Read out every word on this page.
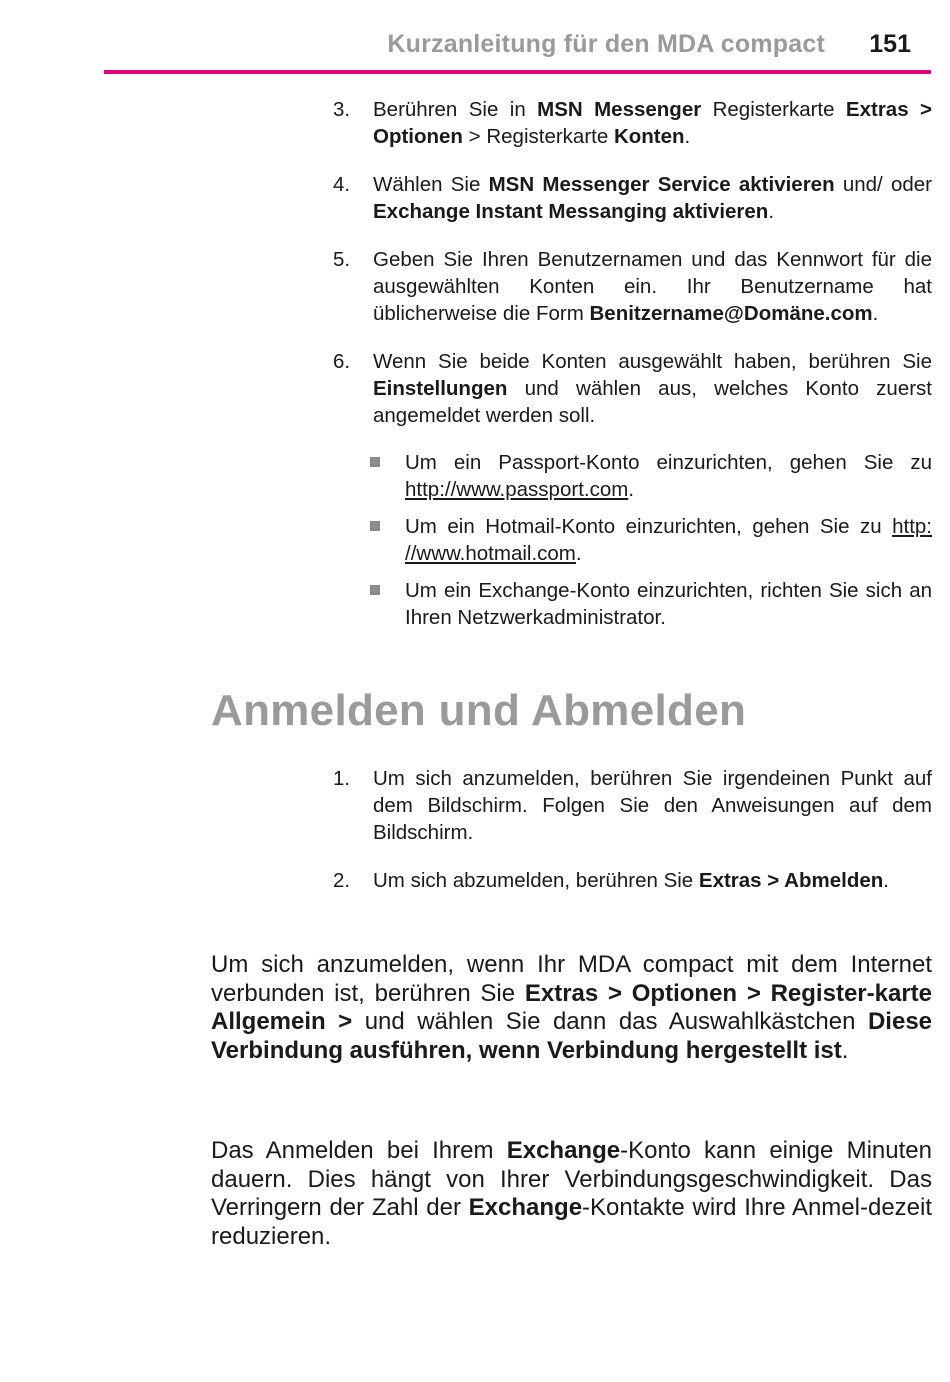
Kurzanleitung für den MDA compact 151
3.	Berühren Sie in MSN Messenger Registerkarte Extras > Optionen > Registerkarte Konten.
4.	Wählen Sie MSN Messenger Service aktivieren und/ oder Exchange Instant Messanging aktivieren.
5.	Geben Sie Ihren Benutzernamen und das Kennwort für die ausgewählten Konten ein. Ihr Benutzername hat üblicherweise die Form Benitzername@Domäne.com.
6.	Wenn Sie beide Konten ausgewählt haben, berühren Sie Einstellungen und wählen aus, welches Konto zuerst angemeldet werden soll.
Um ein Passport-Konto einzurichten, gehen Sie zu http://www.passport.com.
Um ein Hotmail-Konto einzurichten, gehen Sie zu http: //www.hotmail.com.
Um ein Exchange-Konto einzurichten, richten Sie sich an Ihren Netzwerkadministrator.
Anmelden und Abmelden
1.	Um sich anzumelden, berühren Sie irgendeinen Punkt auf dem Bildschirm. Folgen Sie den Anweisungen auf dem Bildschirm.
2.	Um sich abzumelden, berühren Sie Extras > Abmelden.

Um sich anzumelden, wenn Ihr MDA compact mit dem Internet verbunden ist, berühren Sie Extras > Optionen > Register-karte Allgemein > und wählen Sie dann das Auswahlkästchen Diese Verbindung ausführen, wenn Verbindung hergestellt ist.

Das Anmelden bei Ihrem Exchange-Konto kann einige Minuten dauern. Dies hängt von Ihrer Verbindungsgeschwindigkeit. Das Verringern der Zahl der Exchange-Kontakte wird Ihre Anmel-dezeit reduzieren.
